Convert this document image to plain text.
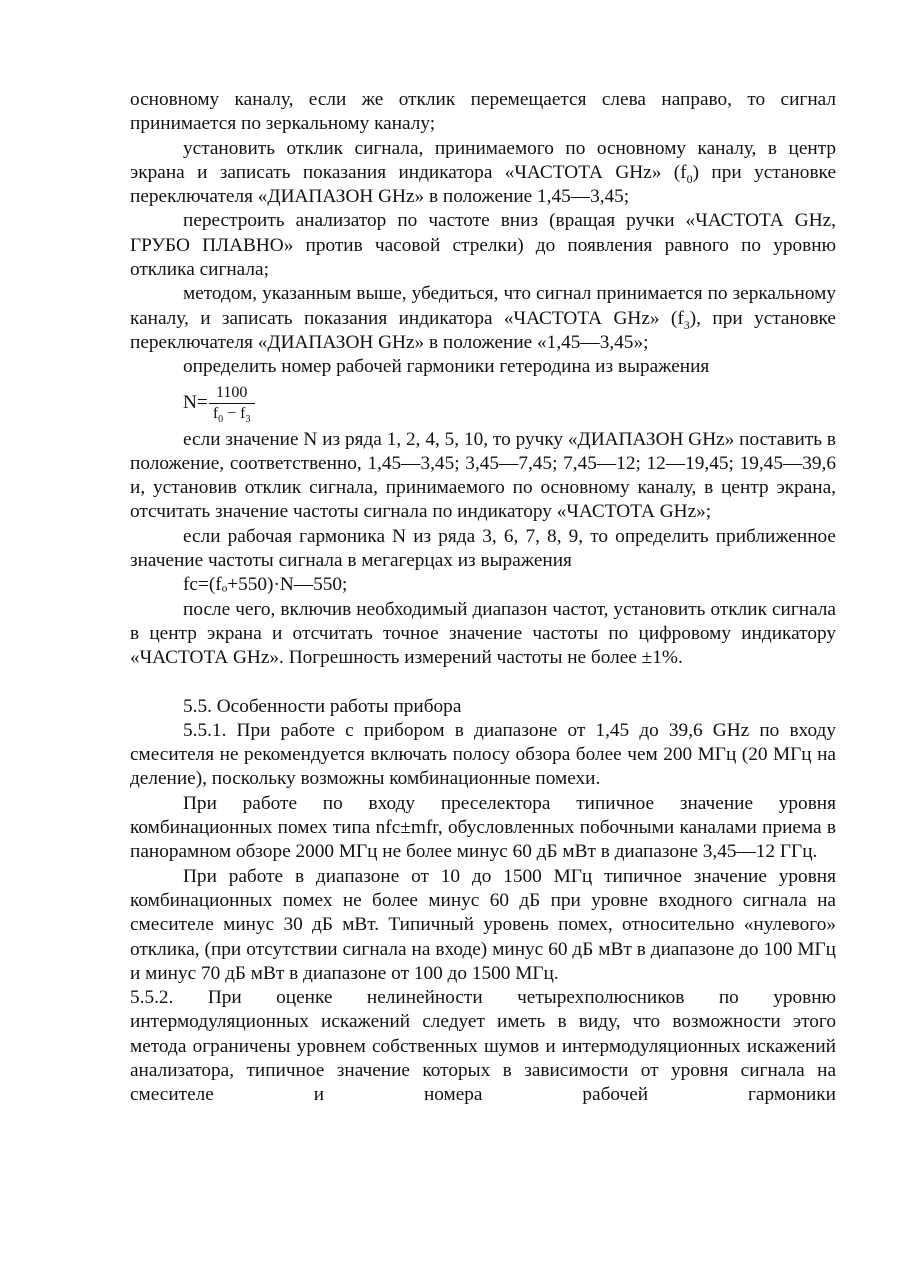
основному каналу, если же отклик перемещается слева направо, то сигнал принимается по зеркальному каналу;

установить отклик сигнала, принимаемого по основному каналу, в центр экрана и записать показания индикатора «ЧАСТОТА GHz» $(f_0)$ при установке переключателя «ДИАПАЗОН GHz» в положение 1,45—3,45;

перестроить анализатор по частоте вниз (вращая ручки «ЧАСТОТА GHz, ГРУБО ПЛАВНО» против часовой стрелки) до появления равного по уровню отклика сигнала;

методом, указанным выше, убедиться, что сигнал принимается по зеркальному каналу, и записать показания индикатора «ЧАСТОТА GHz» $(f_3)$, при установке переключателя «ДИАПАЗОН GHz» в положение «1,45—3,45»;

определить номер рабочей гармоники гетеродина из выражения

$N= \frac{1100}{f_0 - f_3}$

если значение N из ряда 1, 2, 4, 5, 10, то ручку «ДИАПАЗОН GHz» поставить в положение, соответственно, 1,45—3,45; 3,45—7,45; 7,45—12; 12—19,45; 19,45—39,6 и, установив отклик сигнала, принимаемого по основному каналу, в центр экрана, отсчитать значение частоты сигнала по индикатору «ЧАСТОТА GHz»;

если рабочая гармоника N из ряда 3, 6, 7, 8, 9, то определить приближенное значение частоты сигнала в мегагерцах из выражения

fc=(fₒ+550)·N—550;

после чего, включив необходимый диапазон частот, установить отклик сигнала в центр экрана и отсчитать точное значение частоты по цифровому индикатору «ЧАСТОТА GHz». Погрешность измерений частоты не более ±1%.

5.5. Особенности работы прибора

5.5.1. При работе с прибором в диапазоне от 1,45 до 39,6 GHz по входу смесителя не рекомендуется включать полосу обзора более чем 200 МГц (20 МГц на деление), поскольку возможны комбинационные помехи.

При работе по входу преселектора типичное значение уровня комбинационных помех типа nfc±mfr, обусловленных побочными каналами приема в панорамном обзоре 2000 МГц не более минус 60 дБ мВт в диапазоне 3,45—12 ГГц.

При работе в диапазоне от 10 до 1500 МГц типичное значение уровня комбинационных помех не более минус 60 дБ при уровне входного сигнала на смесителе минус 30 дБ мВт. Типичный уровень помех, относительно «нулевого» отклика, (при отсутствии сигнала на входе) минус 60 дБ мВт в диапазоне до 100 МГц и минус 70 дБ мВт в диапазоне от 100 до 1500 МГц.

5.5.2. При оценке нелинейности четырехполюсников по уровню интермодуляционных искажений следует иметь в виду, что возможности этого метода ограничены уровнем собственных шумов и интермодуляционных искажений анализатора, типичное значение которых в зависимости от уровня сигнала на смесителе и номера рабочей гармоники
